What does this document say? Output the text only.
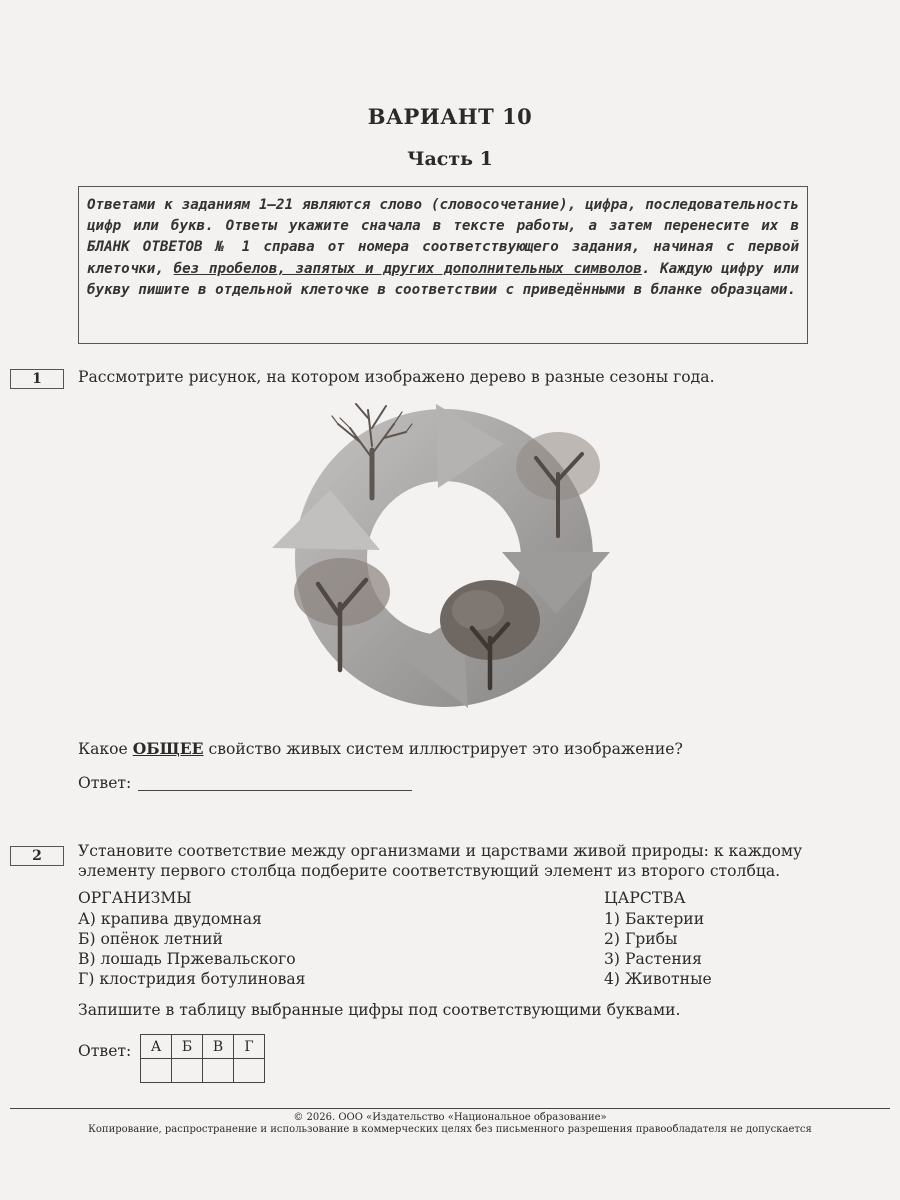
ВАРИАНТ 10
Часть 1
Ответами к заданиям 1–21 являются слово (словосочетание), цифра, последовательность цифр или букв. Ответы укажите сначала в тексте работы, а затем перенесите их в БЛАНК ОТВЕТОВ № 1 справа от номера соответствующего задания, начиная с первой клеточки, без пробелов, запятых и других дополнительных символов. Каждую цифру или букву пишите в отдельной клеточке в соответствии с приведёнными в бланке образцами.
1	Рассмотрите рисунок, на котором изображено дерево в разные сезоны года.
Какое ОБЩЕЕ свойство живых систем иллюстрирует это изображение?
Ответ:
2	Установите соответствие между организмами и царствами живой природы: к каждому
элементу первого столбца подберите соответствующий элемент из второго столбца.
ОРГАНИЗМЫ	ЦАРСТВА
А) крапива двудомная
Б) опёнок летний
В) лошадь Пржевальского
Г) клостридия ботулиновая
1) Бактерии
2) Грибы
3) Растения
4) Животные
Запишите в таблицу выбранные цифры под соответствующими буквами.
Ответ: А	Б	В	Г

© 2026. ООО «Издательство «Национальное образование»
Копирование, распространение и использование в коммерческих целях без письменного разрешения правообладателя не допускается
